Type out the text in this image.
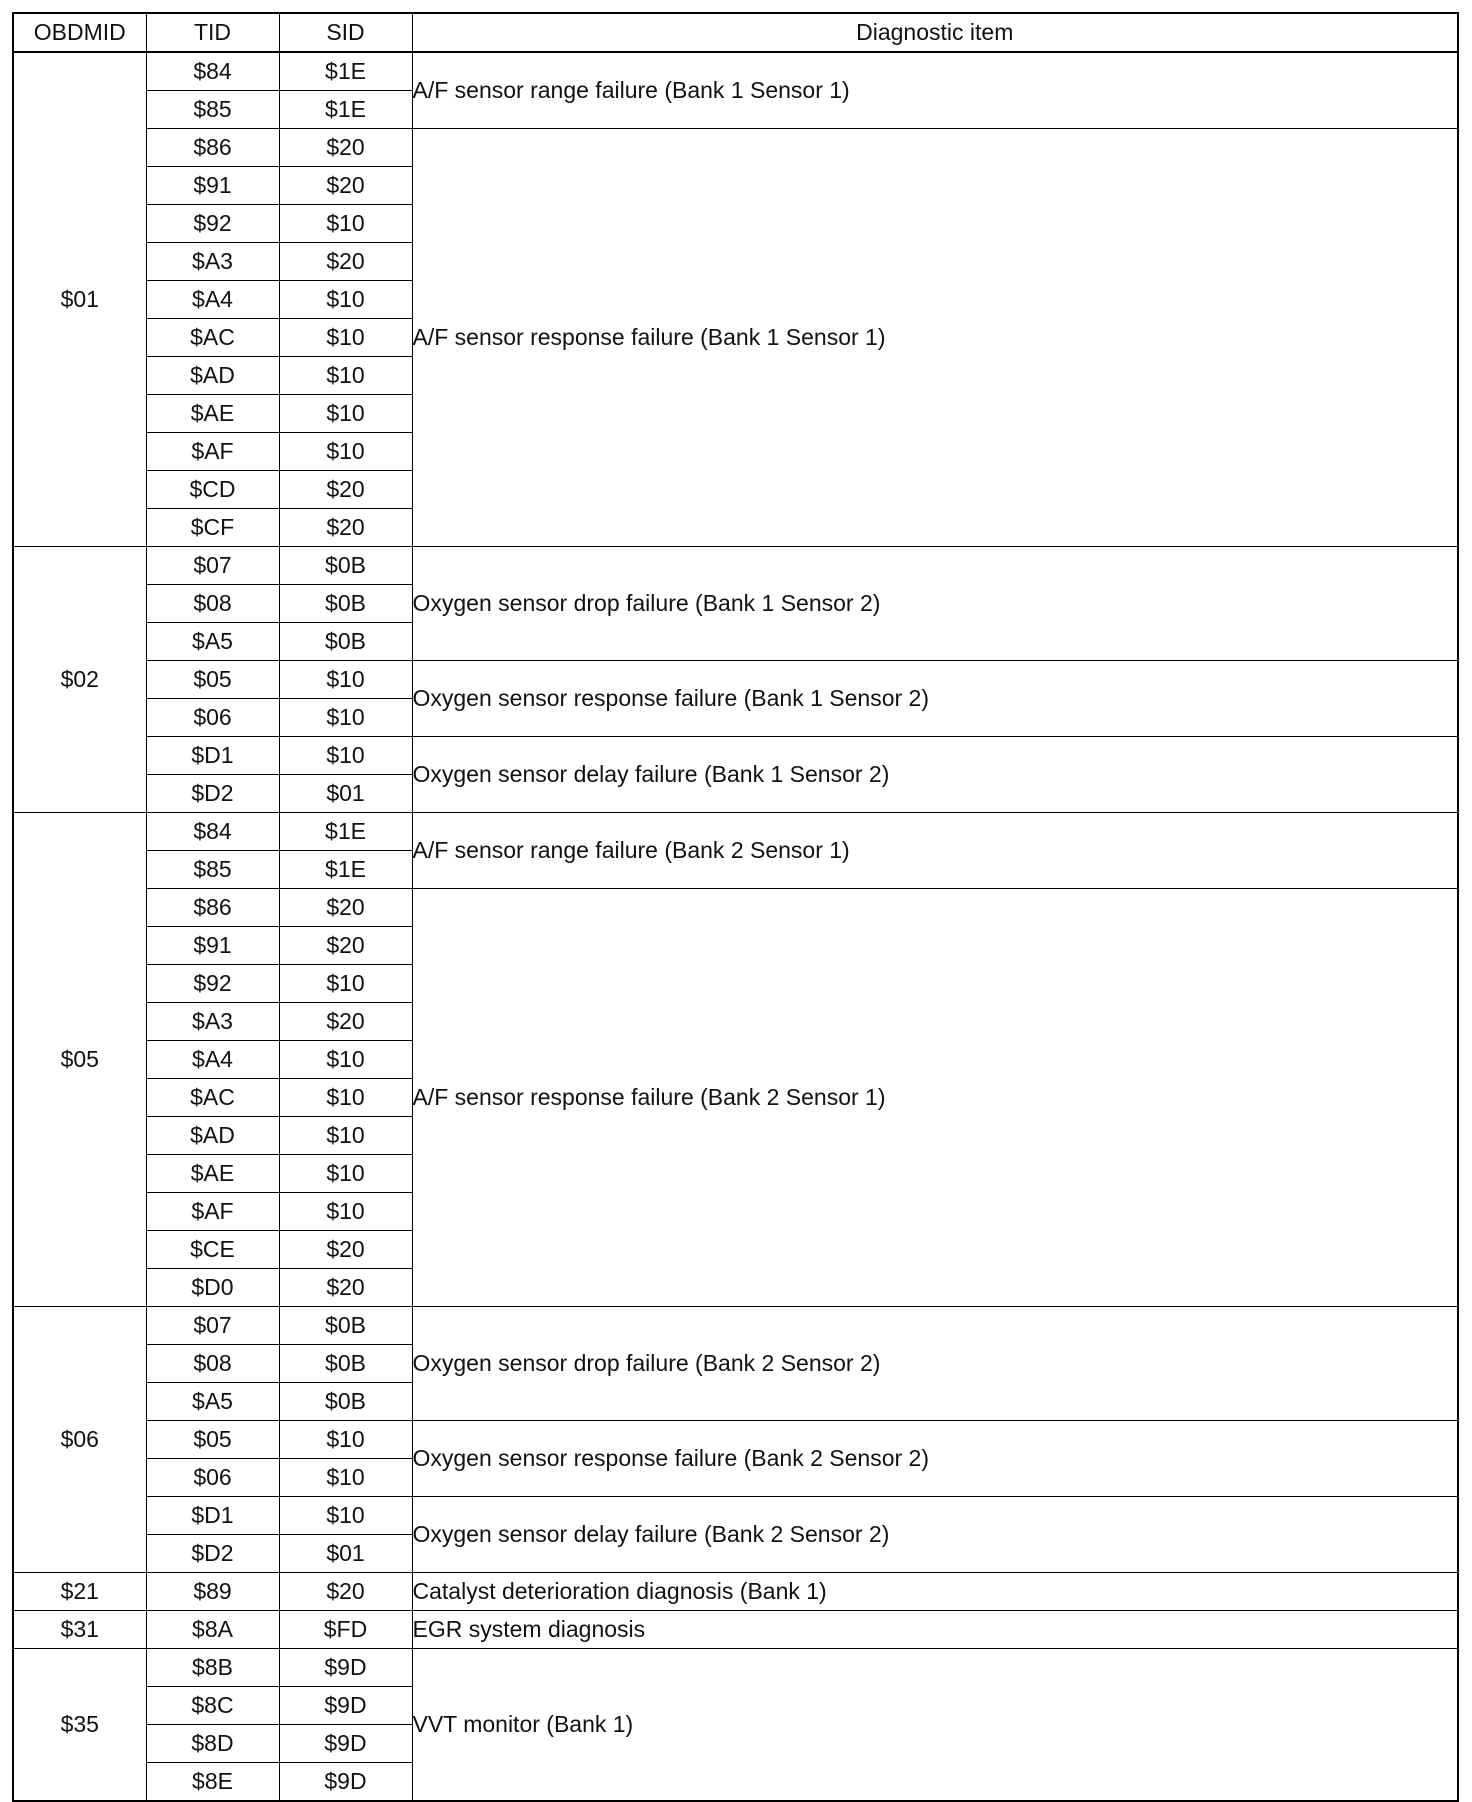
OBDMID	TID	SID	Diagnostic item
$01	$84	$1E	A/F sensor range failure (Bank 1 Sensor 1)
	$85	$1E	
	$86	$20	A/F sensor response failure (Bank 1 Sensor 1)
	$91	$20	
	$92	$10	
	$A3	$20	
	$A4	$10	
	$AC	$10	
	$AD	$10	
	$AE	$10	
	$AF	$10	
	$CD	$20	
	$CF	$20	
$02	$07	$0B	Oxygen sensor drop failure (Bank 1 Sensor 2)
	$08	$0B	
	$A5	$0B	
	$05	$10	Oxygen sensor response failure (Bank 1 Sensor 2)
	$06	$10	
	$D1	$10	Oxygen sensor delay failure (Bank 1 Sensor 2)
	$D2	$01	
$05	$84	$1E	A/F sensor range failure (Bank 2 Sensor 1)
	$85	$1E	
	$86	$20	A/F sensor response failure (Bank 2 Sensor 1)
	$91	$20	
	$92	$10	
	$A3	$20	
	$A4	$10	
	$AC	$10	
	$AD	$10	
	$AE	$10	
	$AF	$10	
	$CE	$20	
	$D0	$20	
$06	$07	$0B	Oxygen sensor drop failure (Bank 2 Sensor 2)
	$08	$0B	
	$A5	$0B	
	$05	$10	Oxygen sensor response failure (Bank 2 Sensor 2)
	$06	$10	
	$D1	$10	Oxygen sensor delay failure (Bank 2 Sensor 2)
	$D2	$01	
$21	$89	$20	Catalyst deterioration diagnosis (Bank 1)
$31	$8A	$FD	EGR system diagnosis
$35	$8B	$9D	VVT monitor (Bank 1)
	$8C	$9D	
	$8D	$9D	
	$8E	$9D	
